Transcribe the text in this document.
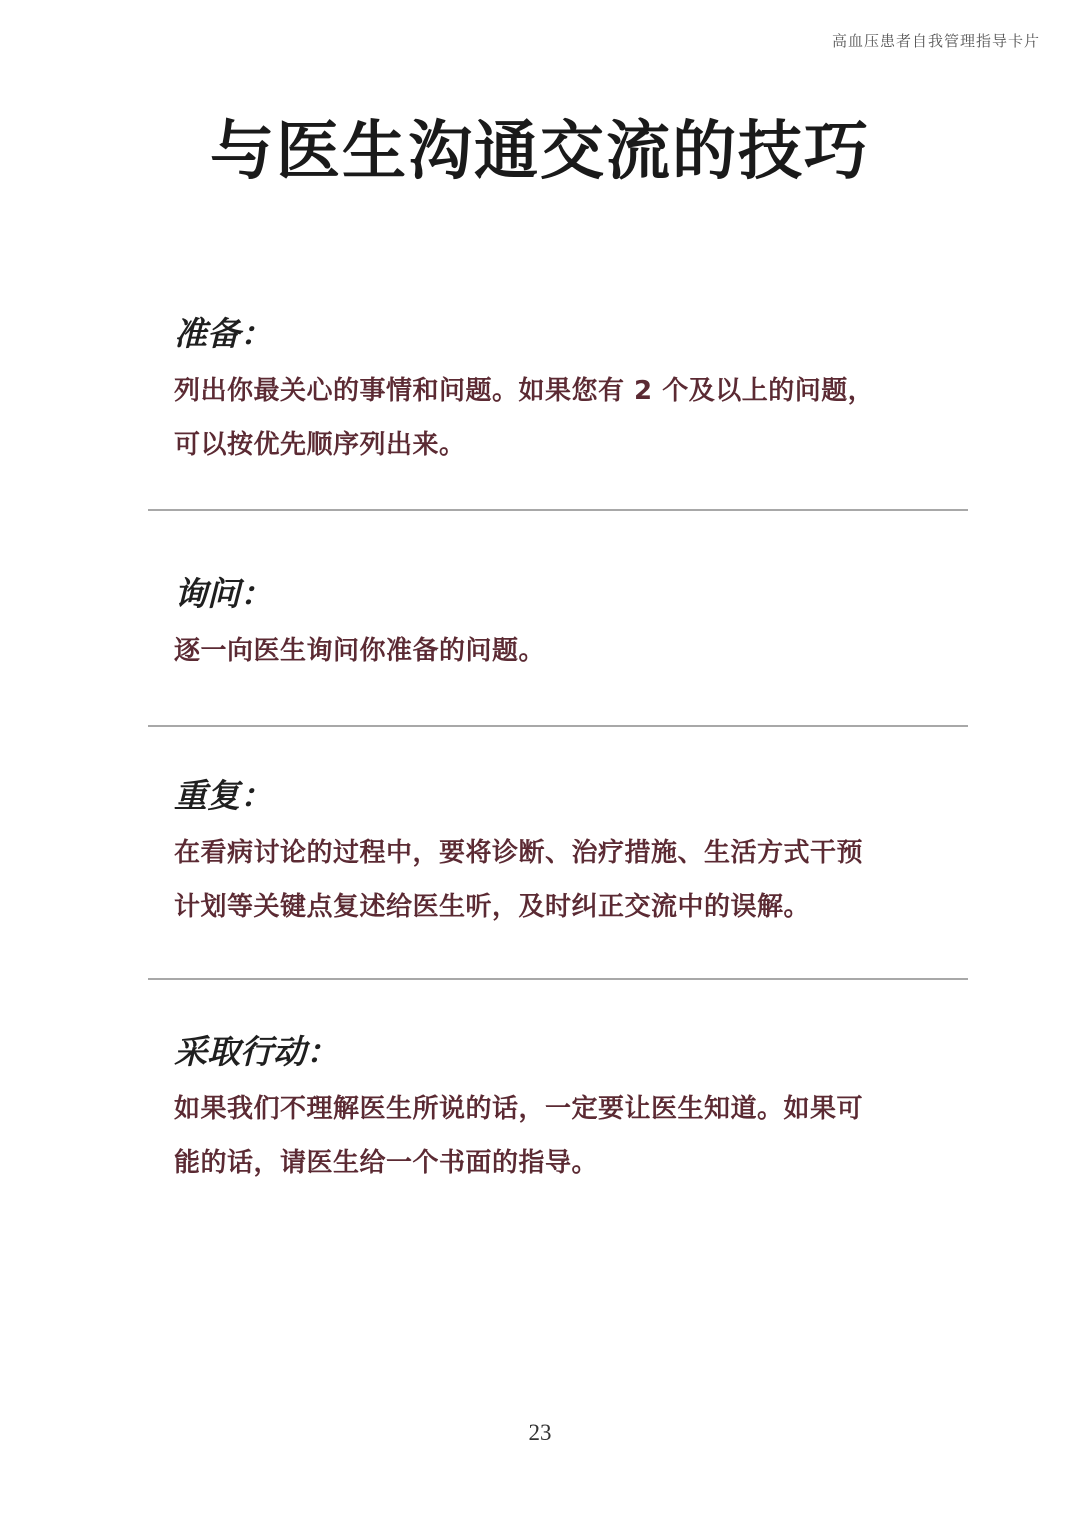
高血压患者自我管理指导卡片
与医生沟通交流的技巧
准备：
列出你最关心的事情和问题。如果您有 2 个及以上的问题，
可以按优先顺序列出来。
询问：
逐一向医生询问你准备的问题。
重复：
在看病讨论的过程中，要将诊断、治疗措施、生活方式干预
计划等关键点复述给医生听，及时纠正交流中的误解。
采取行动：
如果我们不理解医生所说的话，一定要让医生知道。如果可
能的话，请医生给一个书面的指导。
23
